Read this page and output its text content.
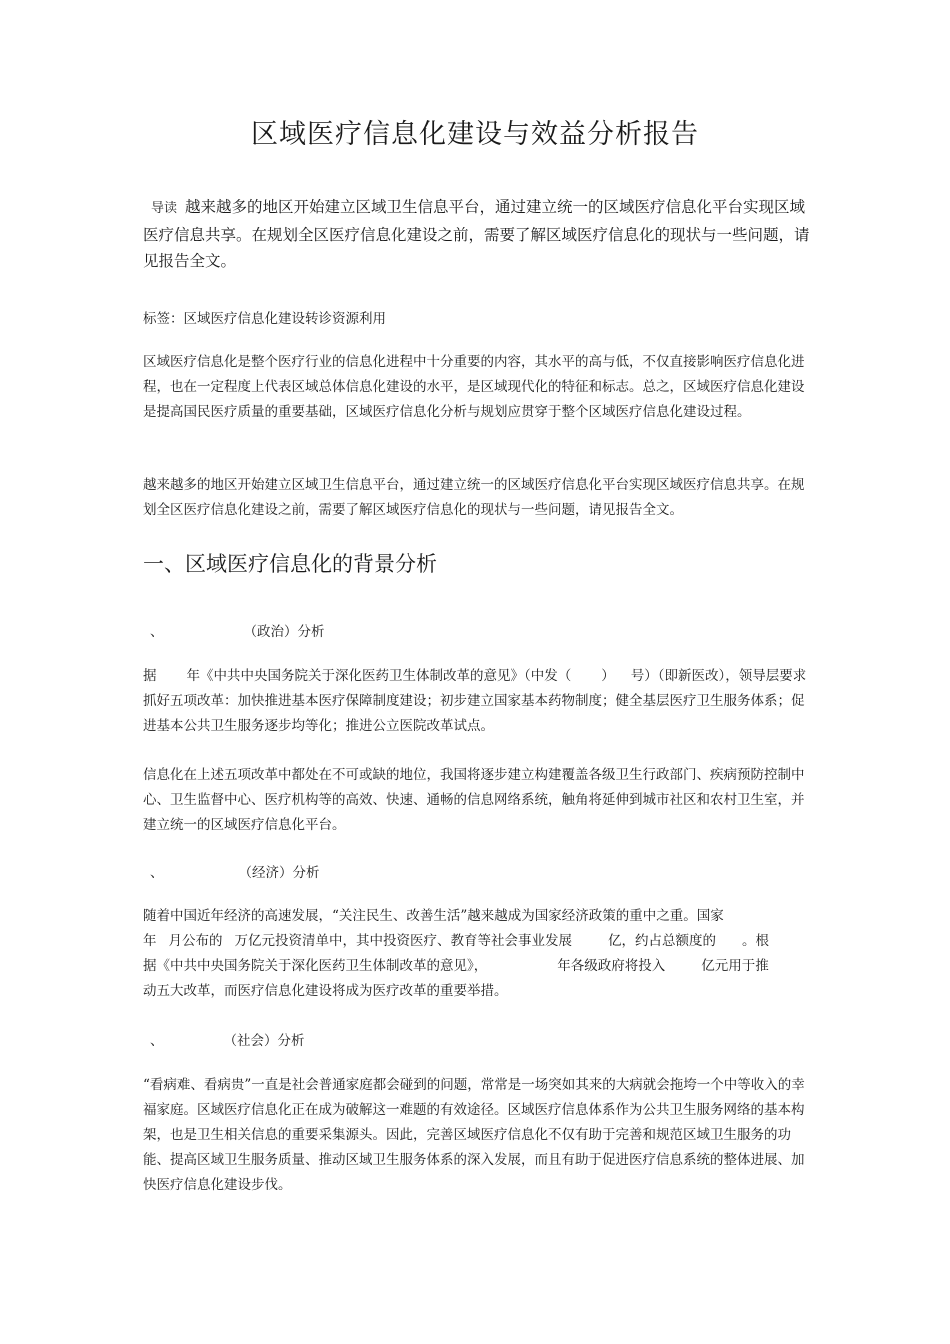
区域医疗信息化建设与效益分析报告
导读 越来越多的地区开始建立区域卫生信息平台，通过建立统一的区域医疗信息化平台实现区域医疗信息共享。在规划全区医疗信息化建设之前，需要了解区域医疗信息化的现状与一些问题，请见报告全文。
标签：区域医疗信息化建设转诊资源利用
区域医疗信息化是整个医疗行业的信息化进程中十分重要的内容，其水平的高与低，不仅直接影响医疗信息化进程，也在一定程度上代表区域总体信息化建设的水平，是区域现代化的特征和标志。总之，区域医疗信息化建设是提高国民医疗质量的重要基础，区域医疗信息化分析与规划应贯穿于整个区域医疗信息化建设过程。
越来越多的地区开始建立区域卫生信息平台，通过建立统一的区域医疗信息化平台实现区域医疗信息共享。在规划全区医疗信息化建设之前，需要了解区域医疗信息化的现状与一些问题，请见报告全文。
一、区域医疗信息化的背景分析
、	（政治）分析
据 年《中共中央国务院关于深化医药卫生体制改革的意见》（中发（ ） 号）（即新医改），领导层要求抓好五项改革：加快推进基本医疗保障制度建设；初步建立国家基本药物制度；健全基层医疗卫生服务体系；促进基本公共卫生服务逐步均等化；推进公立医院改革试点。
信息化在上述五项改革中都处在不可或缺的地位，我国将逐步建立构建覆盖各级卫生行政部门、疾病预防控制中心、卫生监督中心、医疗机构等的高效、快速、通畅的信息网络系统，触角将延伸到城市社区和农村卫生室，并建立统一的区域医疗信息化平台。
、	（经济）分析
随着中国近年经济的高速发展，“关注民生、改善生活”越来越成为国家经济政策的重中之重。国家
年 月公布的 万亿元投资清单中，其中投资医疗、教育等社会事业发展	亿，约占总额度的 。根
据《中共中央国务院关于深化医药卫生体制改革的意见》，	年各级政府将投入	亿元用于推
动五大改革，而医疗信息化建设将成为医疗改革的重要举措。
、	（社会）分析
“看病难、看病贵”一直是社会普通家庭都会碰到的问题，常常是一场突如其来的大病就会拖垮一个中等收入的幸福家庭。区域医疗信息化正在成为破解这一难题的有效途径。区域医疗信息体系作为公共卫生服务网络的基本构架，也是卫生相关信息的重要采集源头。因此，完善区域医疗信息化不仅有助于完善和规范区域卫生服务的功能、提高区域卫生服务质量、推动区域卫生服务体系的深入发展，而且有助于促进医疗信息系统的整体进展、加快医疗信息化建设步伐。
